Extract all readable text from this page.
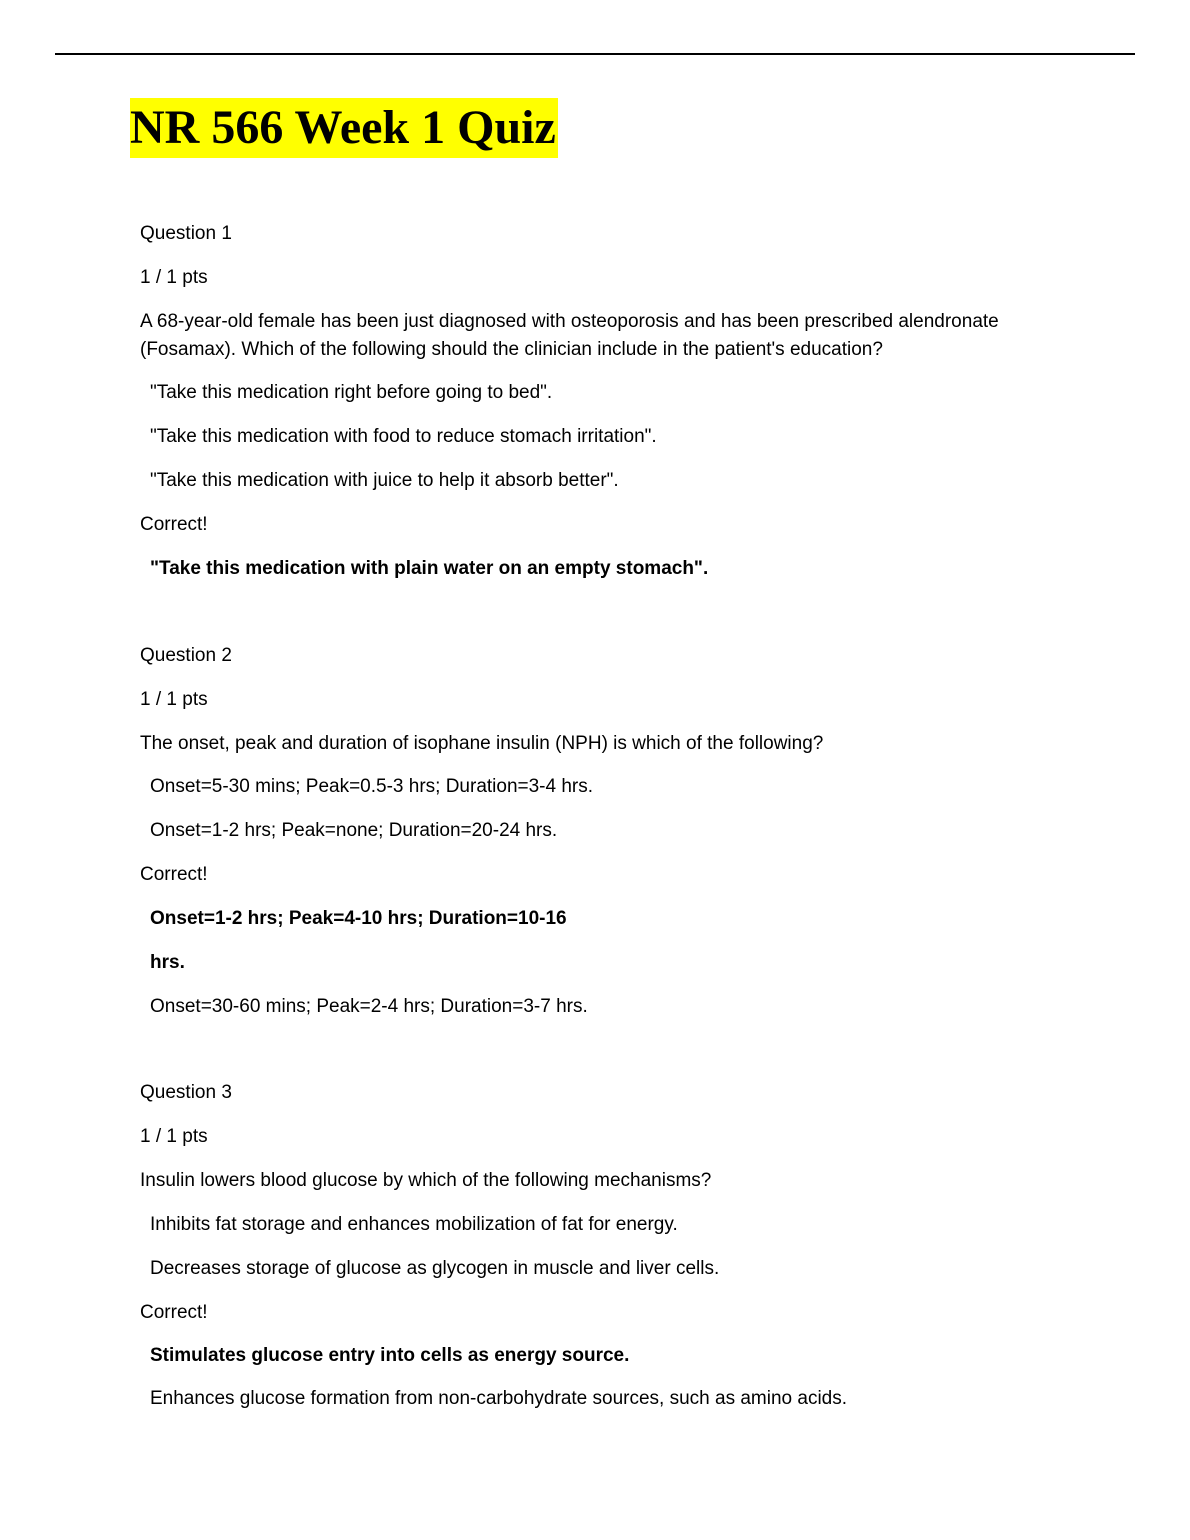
NR 566 Week 1 Quiz
Question 1
1 / 1 pts
A 68-year-old female has been just diagnosed with osteoporosis and has been prescribed alendronate (Fosamax). Which of the following should the clinician include in the patient's education?
"Take this medication right before going to bed".
"Take this medication with food to reduce stomach irritation".
"Take this medication with juice to help it absorb better".
Correct!
"Take this medication with plain water on an empty stomach".
Question 2
1 / 1 pts
The onset, peak and duration of isophane insulin (NPH) is which of the following?
Onset=5-30 mins; Peak=0.5-3 hrs; Duration=3-4 hrs.
Onset=1-2 hrs; Peak=none; Duration=20-24 hrs.
Correct!
Onset=1-2 hrs; Peak=4-10 hrs; Duration=10-16
hrs.
Onset=30-60 mins; Peak=2-4 hrs; Duration=3-7 hrs.
Question 3
1 / 1 pts
Insulin lowers blood glucose by which of the following mechanisms?
Inhibits fat storage and enhances mobilization of fat for energy.
Decreases storage of glucose as glycogen in muscle and liver cells.
Correct!
Stimulates glucose entry into cells as energy source.
Enhances glucose formation from non-carbohydrate sources, such as amino acids.
